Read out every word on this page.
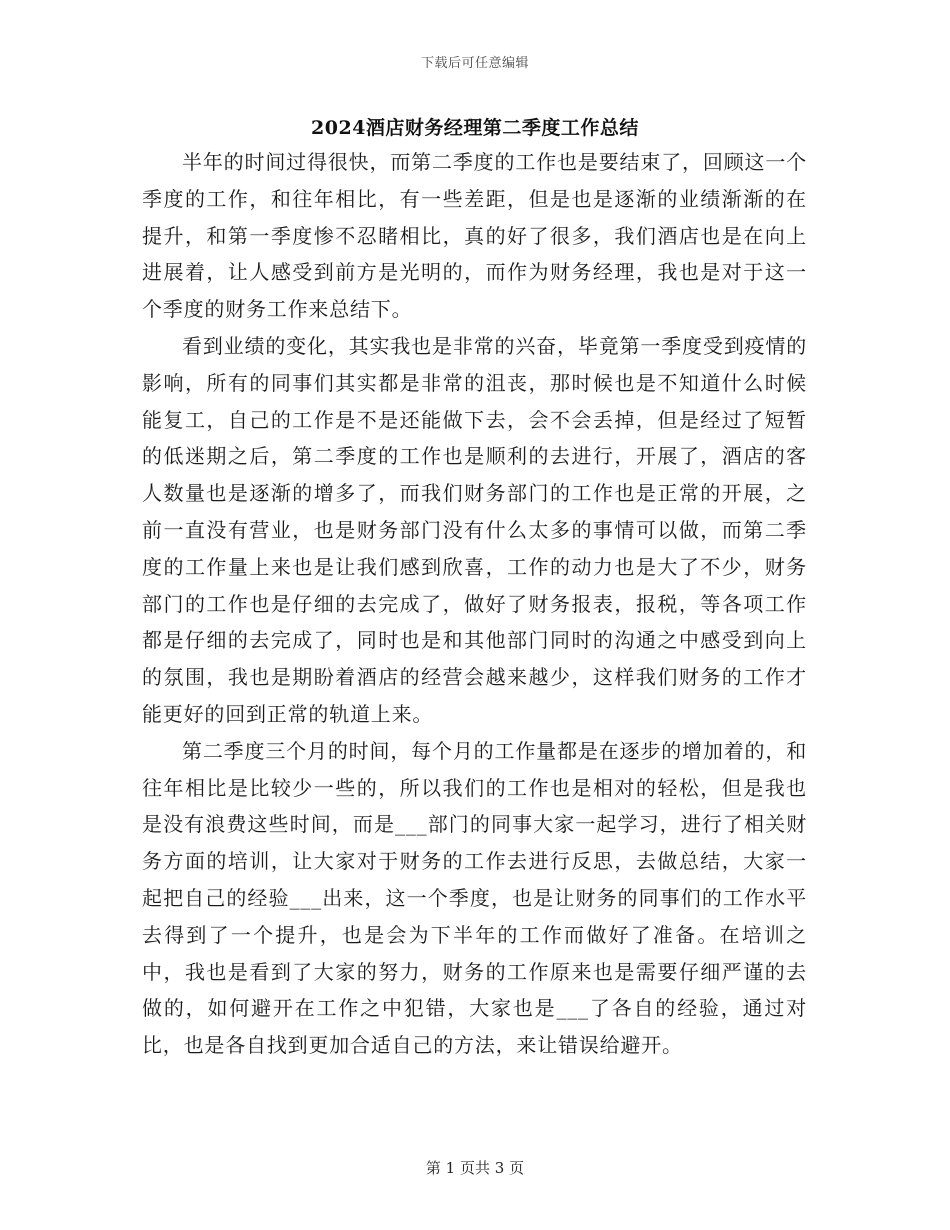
下载后可任意编辑
2024酒店财务经理第二季度工作总结

半年的时间过得很快，而第二季度的工作也是要结束了，回顾这一个季度的工作，和往年相比，有一些差距，但是也是逐渐的业绩渐渐的在提升，和第一季度惨不忍睹相比，真的好了很多，我们酒店也是在向上进展着，让人感受到前方是光明的，而作为财务经理，我也是对于这一个季度的财务工作来总结下。

看到业绩的变化，其实我也是非常的兴奋，毕竟第一季度受到疫情的影响，所有的同事们其实都是非常的沮丧，那时候也是不知道什么时候能复工，自己的工作是不是还能做下去，会不会丢掉，但是经过了短暂的低迷期之后，第二季度的工作也是顺利的去进行，开展了，酒店的客人数量也是逐渐的增多了，而我们财务部门的工作也是正常的开展，之前一直没有营业，也是财务部门没有什么太多的事情可以做，而第二季度的工作量上来也是让我们感到欣喜，工作的动力也是大了不少，财务部门的工作也是仔细的去完成了，做好了财务报表，报税，等各项工作都是仔细的去完成了，同时也是和其他部门同时的沟通之中感受到向上的氛围，我也是期盼着酒店的经营会越来越少，这样我们财务的工作才能更好的回到正常的轨道上来。

第二季度三个月的时间，每个月的工作量都是在逐步的增加着的，和往年相比是比较少一些的，所以我们的工作也是相对的轻松，但是我也是没有浪费这些时间，而是___部门的同事大家一起学习，进行了相关财务方面的培训，让大家对于财务的工作去进行反思，去做总结，大家一起把自己的经验___出来，这一个季度，也是让财务的同事们的工作水平去得到了一个提升，也是会为下半年的工作而做好了准备。在培训之中，我也是看到了大家的努力，财务的工作原来也是需要仔细严谨的去做的，如何避开在工作之中犯错，大家也是___了各自的经验，通过对比，也是各自找到更加合适自己的方法，来让错误给避开。

第 1 页共 3 页
